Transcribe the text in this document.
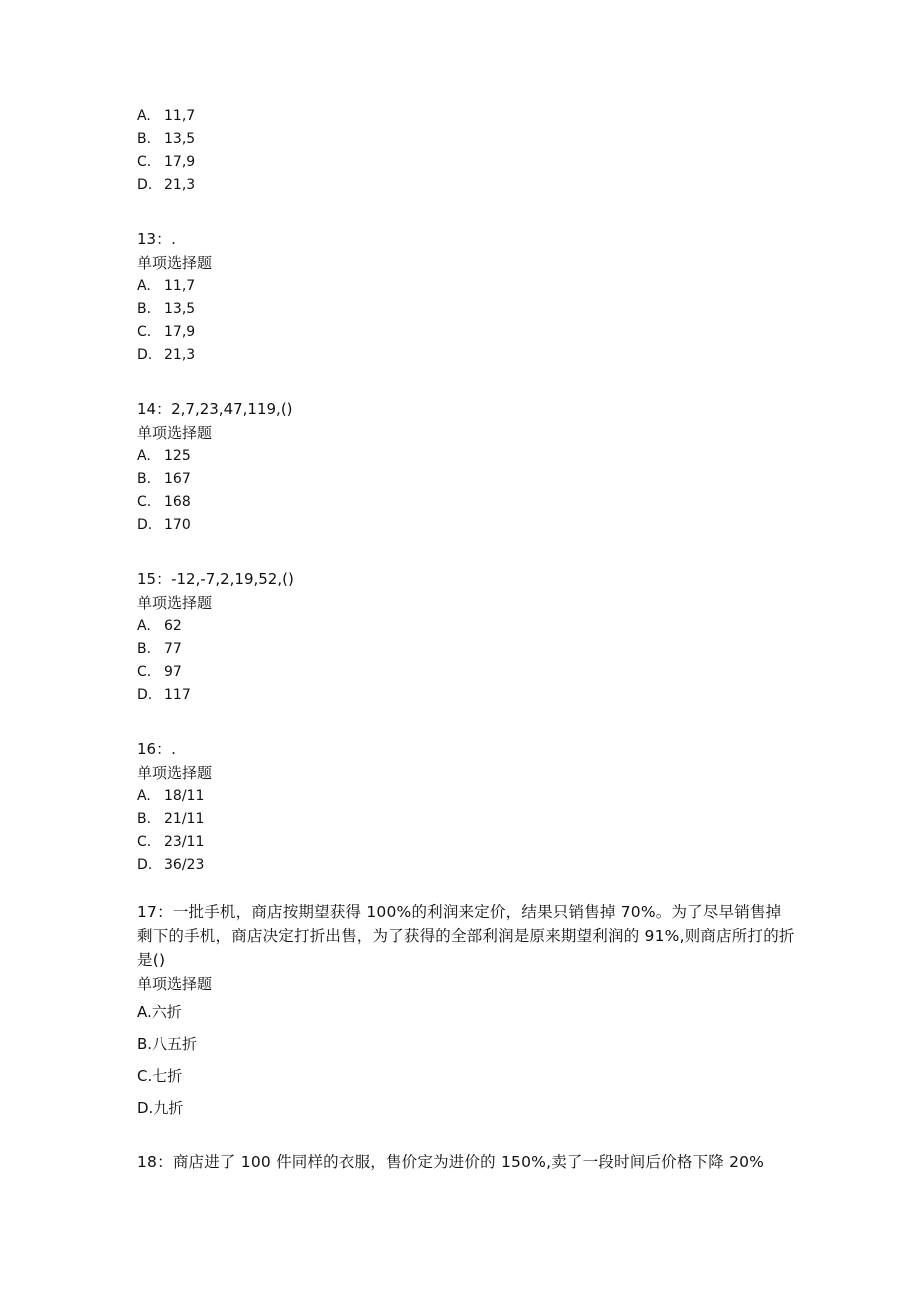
A. 11,7
B. 13,5
C. 17,9
D. 21,3
13：.
单项选择题
A. 11,7
B. 13,5
C. 17,9
D. 21,3
14：2,7,23,47,119,()
单项选择题
A. 125
B. 167
C. 168
D. 170
15：-12,-7,2,19,52,()
单项选择题
A. 62
B. 77
C. 97
D. 117
16：.
单项选择题
A. 18/11
B. 21/11
C. 23/11
D. 36/23
17：一批手机，商店按期望获得 100%的利润来定价，结果只销售掉 70%。为了尽早销售掉剩下的手机，商店决定打折出售，为了获得的全部利润是原来期望利润的 91%,则商店所打的折是()
单项选择题
A.六折
B.八五折
C.七折
D.九折
18：商店进了 100 件同样的衣服，售价定为进价的 150%,卖了一段时间后价格下降 20%
